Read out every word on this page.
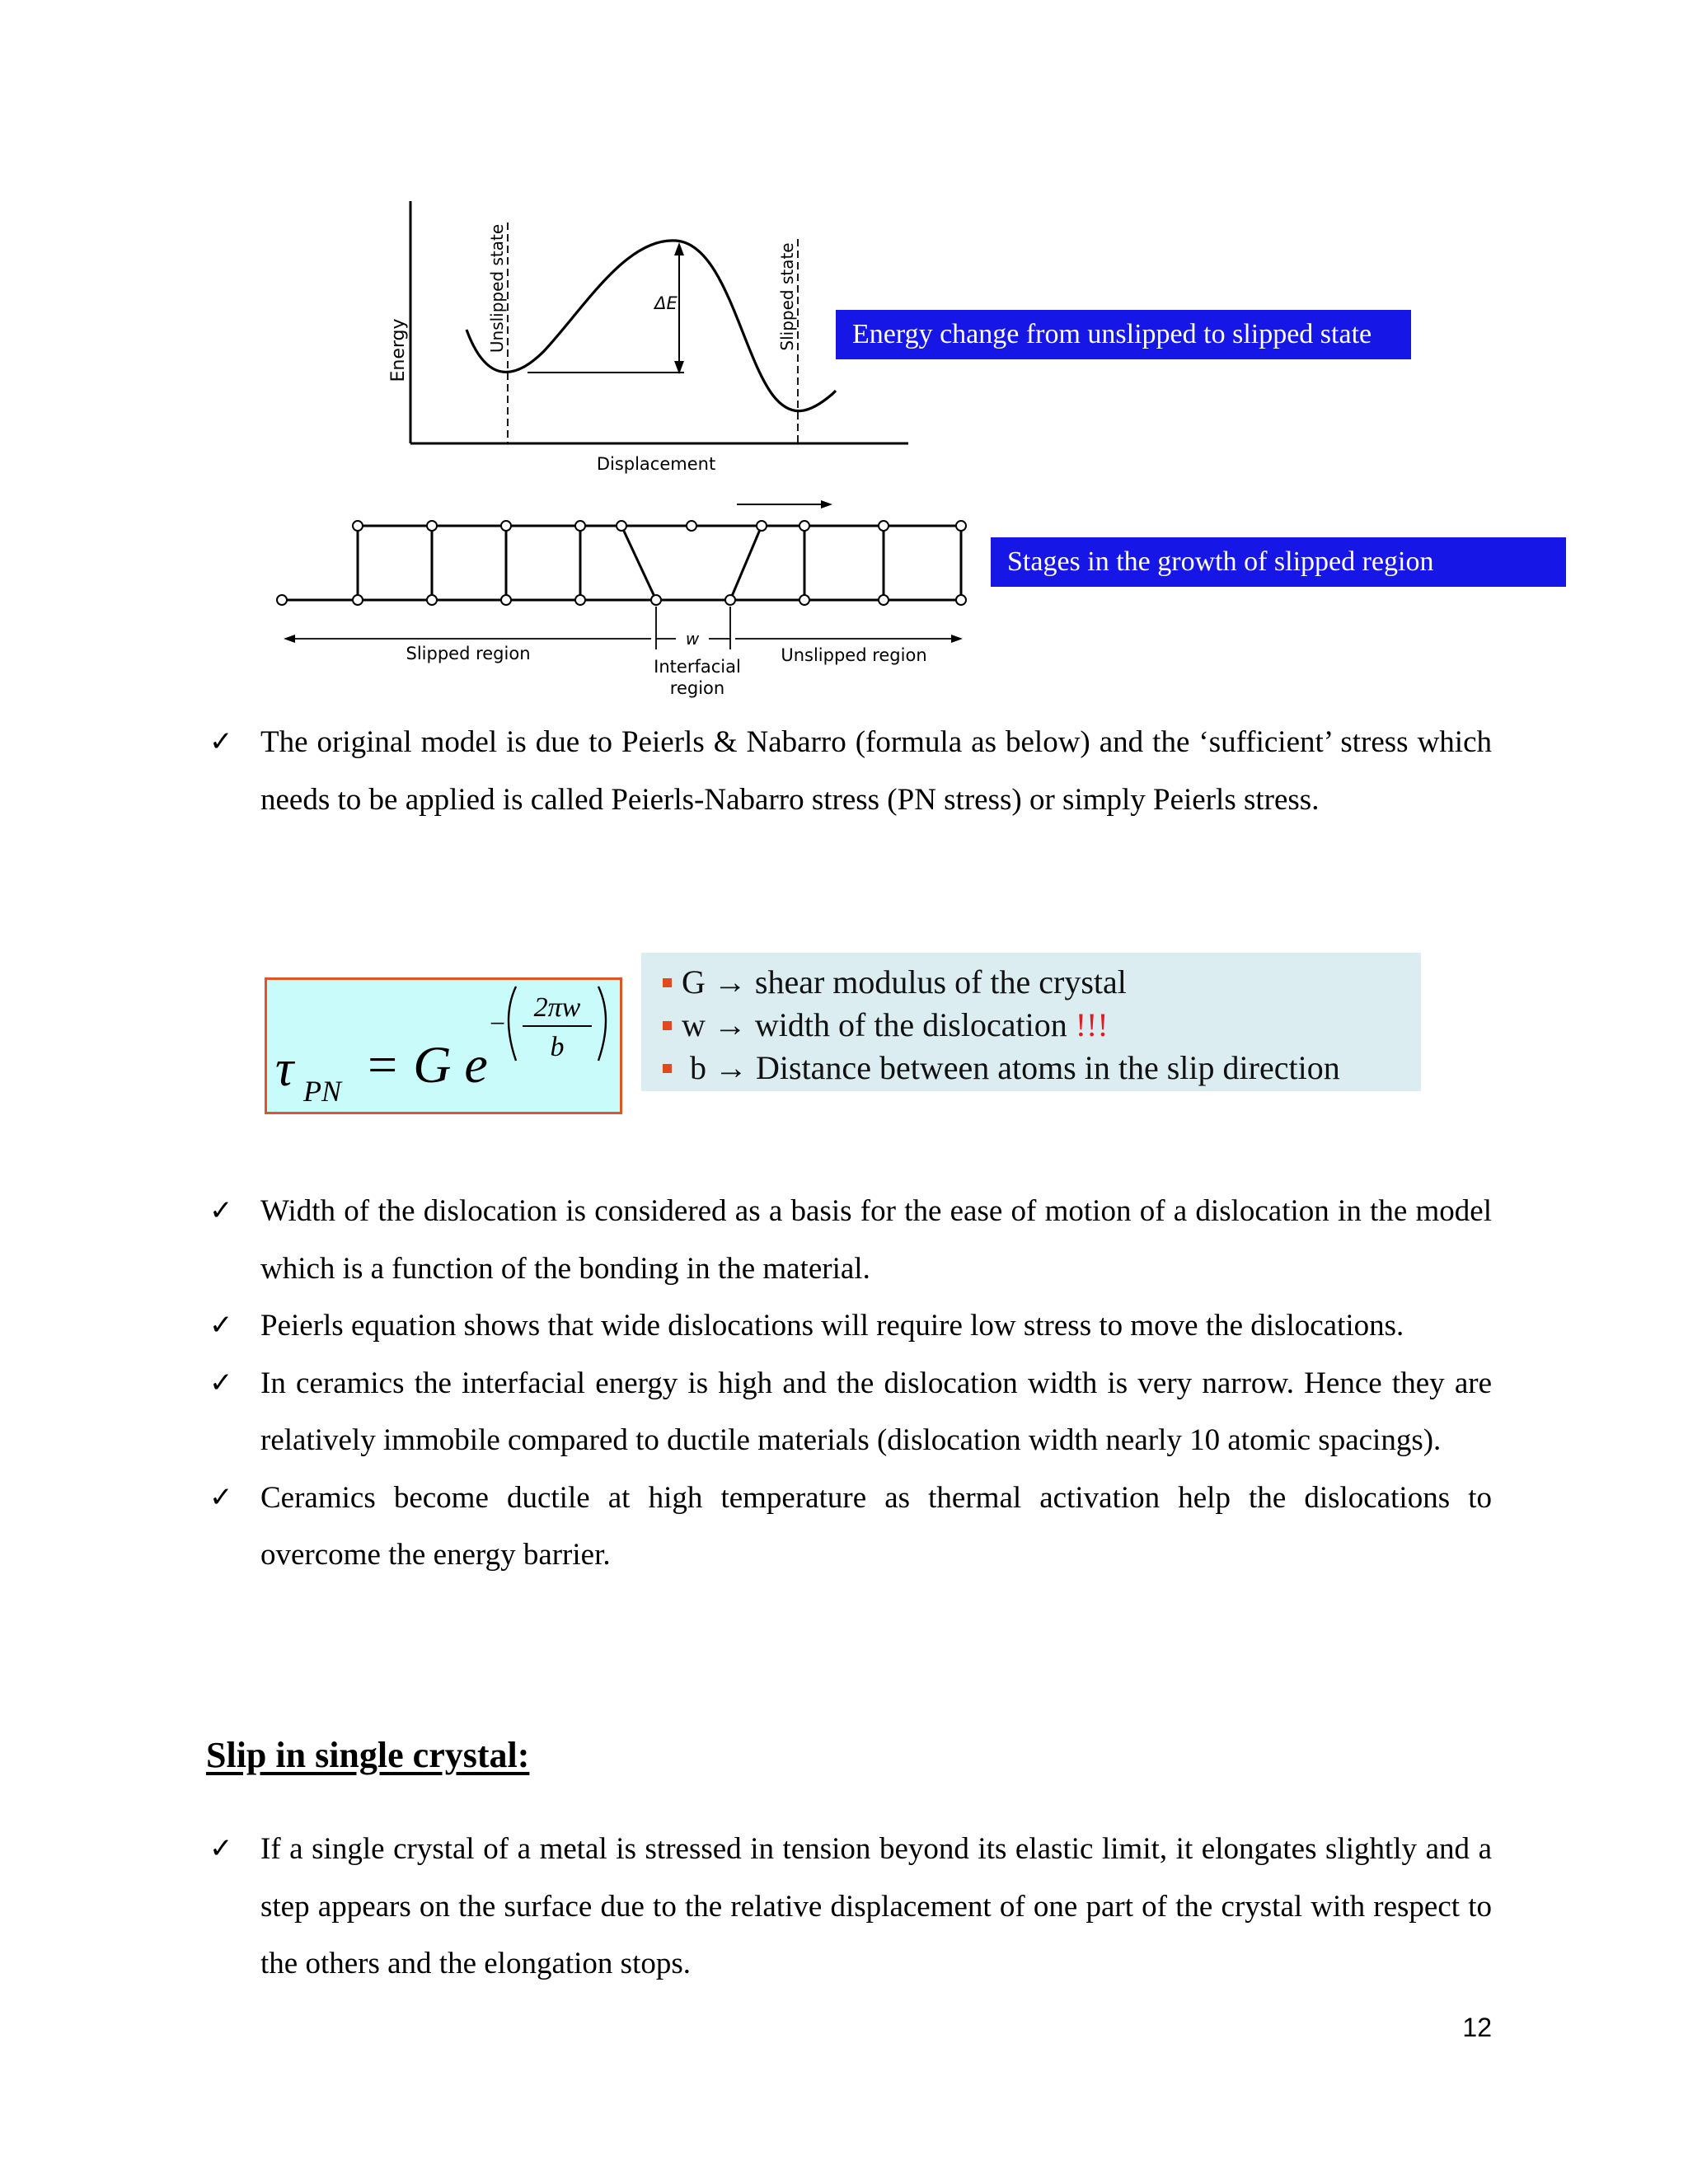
Energy
Displacement
Unslipped state	Slipped state
ΔE
w
Slipped region	Unslipped region
Interfacial
region
Energy change from unslipped to slipped state
Stages in the growth of slipped region
✓ The original model is due to Peierls & Nabarro (formula as below) and the ‘sufficient’ stress which needs to be applied is called Peierls-Nabarro stress (PN stress) or simply Peierls stress.
τ PN = G e
−
2πw
b
G → shear modulus of the crystal
w → width of the dislocation !!!
b → Distance between atoms in the slip direction
✓ Width of the dislocation is considered as a basis for the ease of motion of a dislocation in the model which is a function of the bonding in the material.
✓ Peierls equation shows that wide dislocations will require low stress to move the dislocations.
✓ In ceramics the interfacial energy is high and the dislocation width is very narrow. Hence they are relatively immobile compared to ductile materials (dislocation width nearly 10 atomic spacings).
✓ Ceramics become ductile at high temperature as thermal activation help the dislocations to overcome the energy barrier.
Slip in single crystal:
✓ If a single crystal of a metal is stressed in tension beyond its elastic limit, it elongates slightly and a step appears on the surface due to the relative displacement of one part of the crystal with respect to the others and the elongation stops.
12
